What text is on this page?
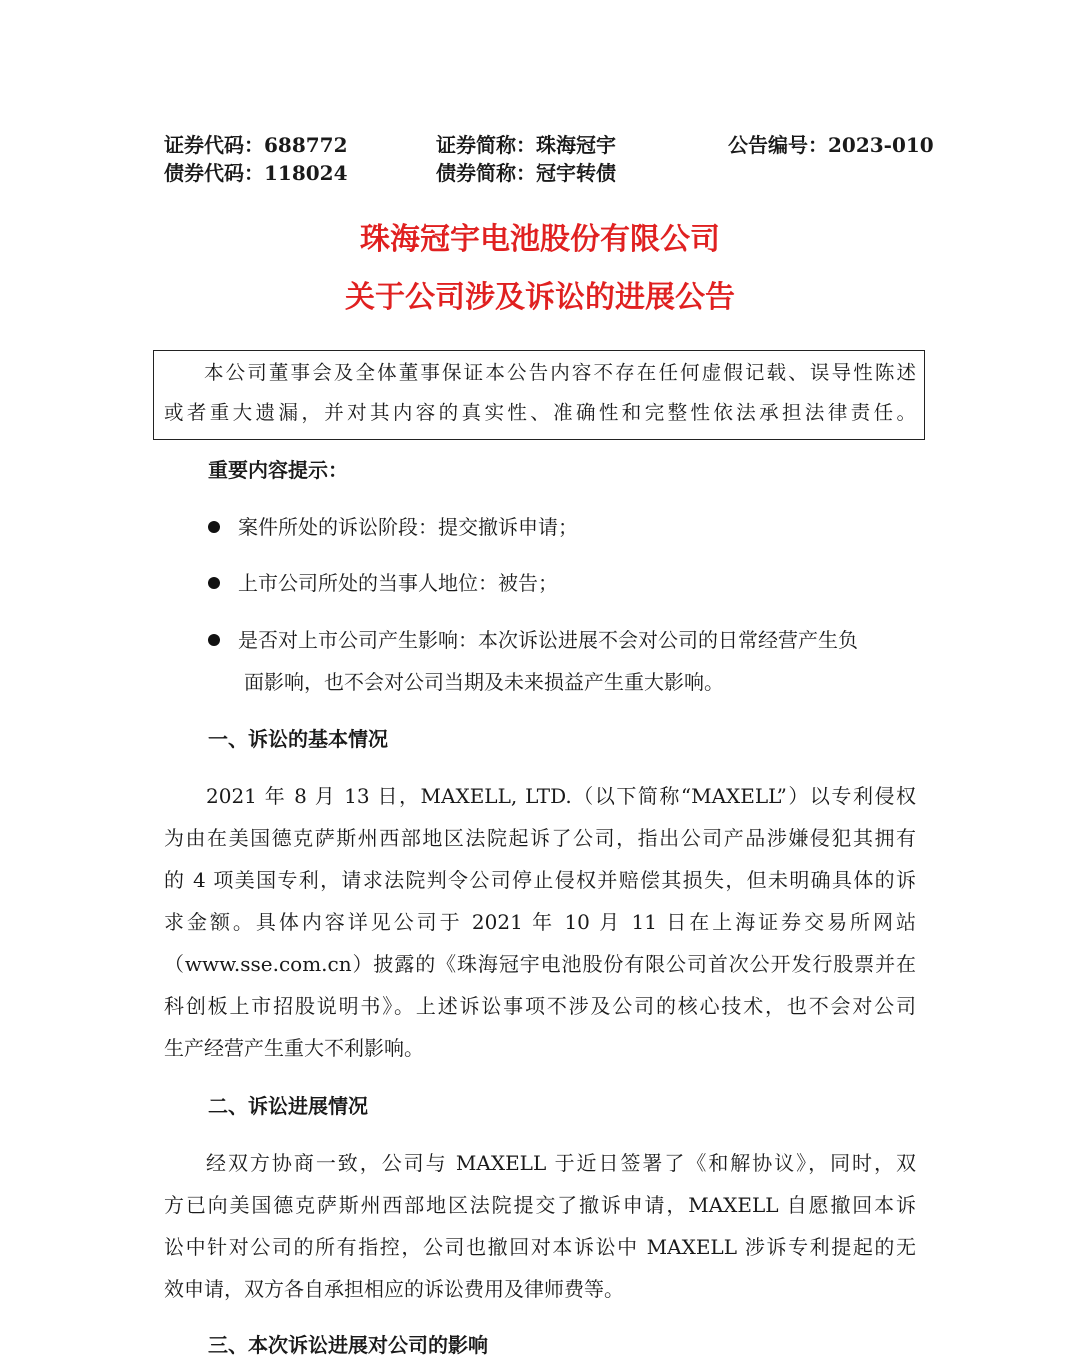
证券代码：688772	证券简称：珠海冠宇	公告编号：2023-010
债券代码：118024	债券简称：冠宇转债
珠海冠宇电池股份有限公司
关于公司涉及诉讼的进展公告

本公司董事会及全体董事保证本公告内容不存在任何虚假记载、误导性陈述

或者重大遗漏，并对其内容的真实性、准确性和完整性依法承担法律责任。

重要内容提示：
案件所处的诉讼阶段：提交撤诉申请；
上市公司所处的当事人地位：被告；
是否对上市公司产生影响：本次诉讼进展不会对公司的日常经营产生负
面影响，也不会对公司当期及未来损益产生重大影响。
一、诉讼的基本情况
2021 年 8 月 13 日，MAXELL, LTD.（以下简称“MAXELL”）以专利侵权
为由在美国德克萨斯州西部地区法院起诉了公司，指出公司产品涉嫌侵犯其拥有
的 4 项美国专利，请求法院判令公司停止侵权并赔偿其损失，但未明确具体的诉
求金额。具体内容详见公司于 2021 年 10 月 11 日在上海证券交易所网站
（www.sse.com.cn）披露的《珠海冠宇电池股份有限公司首次公开发行股票并在
科创板上市招股说明书》。上述诉讼事项不涉及公司的核心技术，也不会对公司
生产经营产生重大不利影响。
二、诉讼进展情况
经双方协商一致，公司与 MAXELL 于近日签署了《和解协议》，同时，双
方已向美国德克萨斯州西部地区法院提交了撤诉申请，MAXELL 自愿撤回本诉
讼中针对公司的所有指控，公司也撤回对本诉讼中 MAXELL 涉诉专利提起的无
效申请，双方各自承担相应的诉讼费用及律师费等。
三、本次诉讼进展对公司的影响
